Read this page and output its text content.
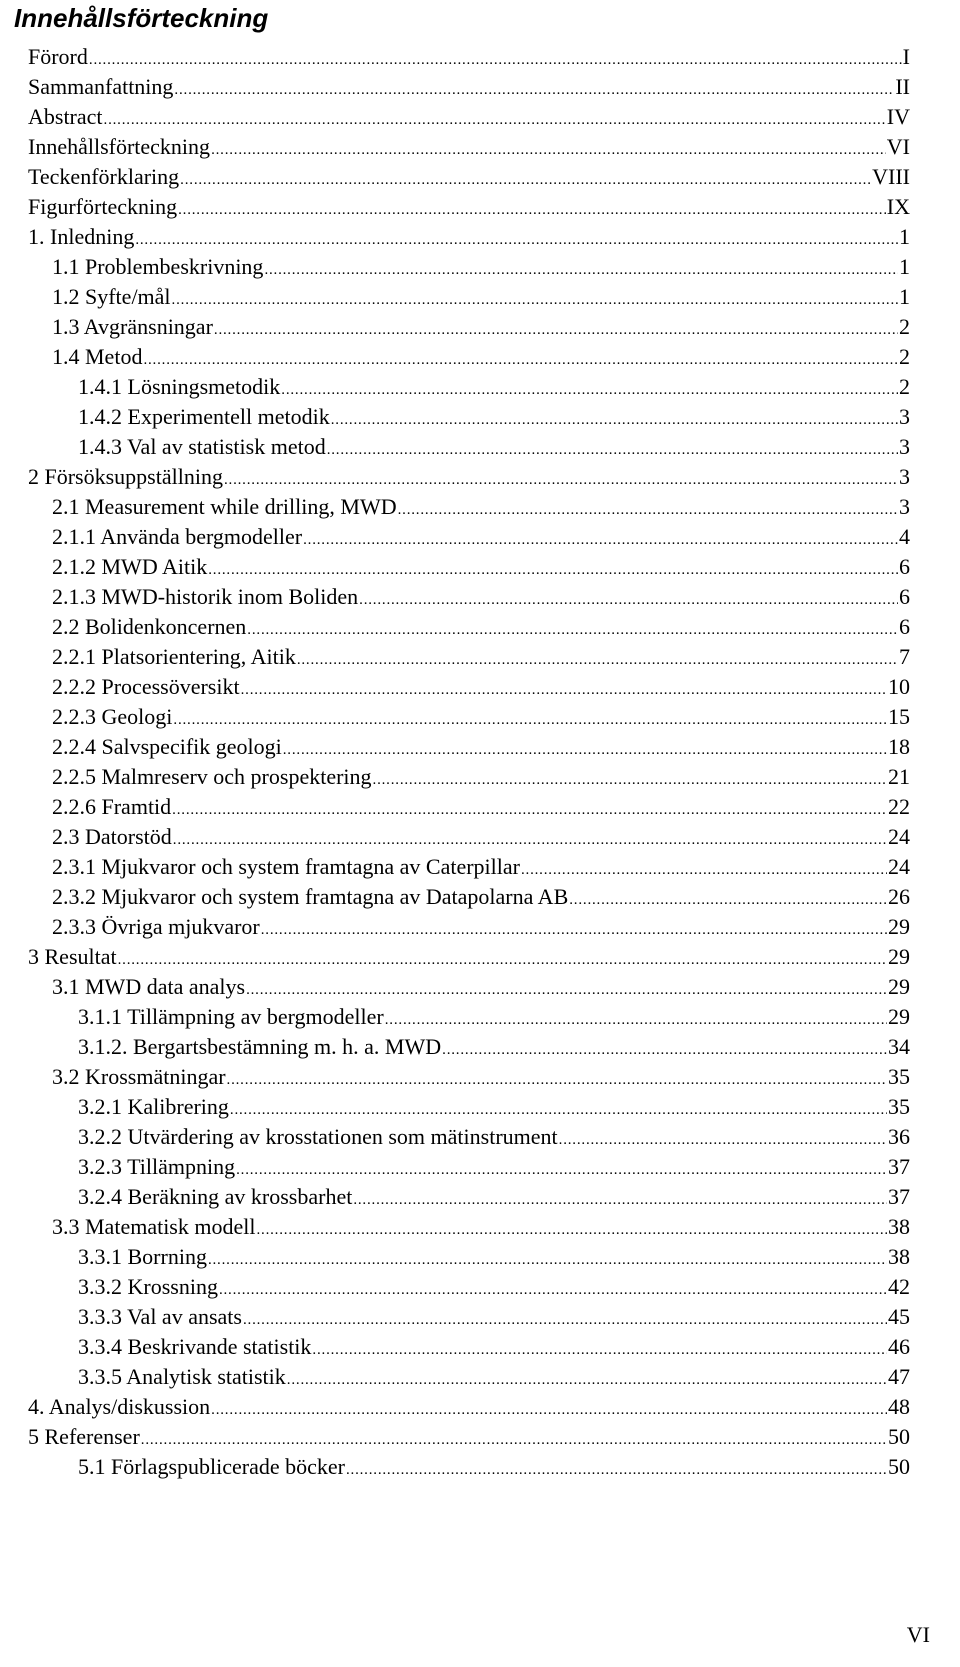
Innehållsförteckning
Förord .....	I
Sammanfattning .....	II
Abstract .....	IV
Innehållsförteckning .....	VI
Teckenförklaring .....	VIII
Figurförteckning .....	IX
1. Inledning .....	1
1.1 Problembeskrivning .....	1
1.2 Syfte/mål .....	1
1.3 Avgränsningar .....	2
1.4 Metod .....	2
1.4.1 Lösningsmetodik .....	2
1.4.2 Experimentell metodik .....	3
1.4.3 Val av statistisk metod .....	3
2 Försöksuppställning .....	3
2.1 Measurement while drilling, MWD .....	3
2.1.1 Använda bergmodeller .....	4
2.1.2 MWD Aitik .....	6
2.1.3 MWD-historik inom Boliden .....	6
2.2 Bolidenkoncernen .....	6
2.2.1 Platsorientering, Aitik .....	7
2.2.2 Processöversikt .....	10
2.2.3 Geologi .....	15
2.2.4 Salvspecifik geologi .....	18
2.2.5 Malmreserv och prospektering .....	21
2.2.6 Framtid .....	22
2.3 Datorstöd .....	24
2.3.1 Mjukvaror och system framtagna av Caterpillar .....	24
2.3.2 Mjukvaror och system framtagna av Datapolarna AB .....	26
2.3.3 Övriga mjukvaror .....	29
3 Resultat .....	29
3.1 MWD data analys .....	29
3.1.1 Tillämpning av bergmodeller .....	29
3.1.2. Bergartsbestämning m. h. a. MWD .....	34
3.2 Krossmätningar .....	35
3.2.1 Kalibrering .....	35
3.2.2 Utvärdering av krosstationen som mätinstrument .....	36
3.2.3 Tillämpning .....	37
3.2.4 Beräkning av krossbarhet .....	37
3.3 Matematisk modell .....	38
3.3.1 Borrning .....	38
3.3.2 Krossning .....	42
3.3.3 Val av ansats .....	45
3.3.4 Beskrivande statistik .....	46
3.3.5 Analytisk statistik .....	47
4. Analys/diskussion .....	48
5 Referenser .....	50
5.1 Förlagspublicerade böcker .....	50

VI
